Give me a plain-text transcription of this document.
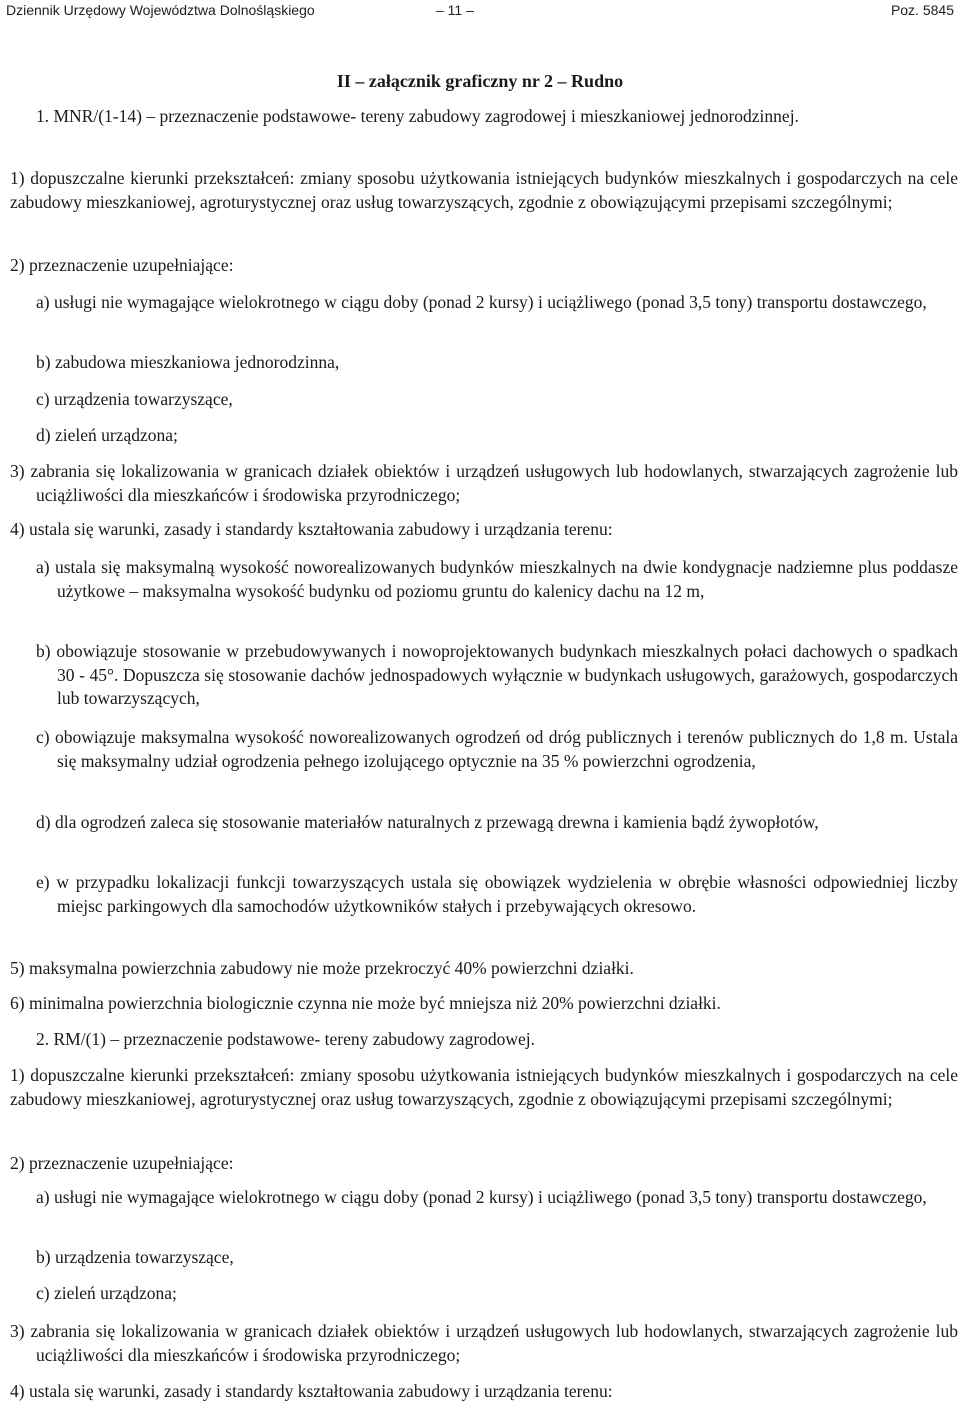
Dziennik Urzędowy Województwa Dolnośląskiego	– 11 –	Poz. 5845
II – załącznik graficzny nr 2 – Rudno

1. MNR/(1-14) – przeznaczenie podstawowe- tereny zabudowy zagrodowej i mieszkaniowej jednorodzinnej.

1) dopuszczalne kierunki przekształceń: zmiany sposobu użytkowania istniejących budynków mieszkalnych i gospodarczych na cele zabudowy mieszkaniowej, agroturystycznej oraz usług towarzyszących, zgodnie z obowiązującymi przepisami szczególnymi;

2) przeznaczenie uzupełniające:

a) usługi nie wymagające wielokrotnego w ciągu doby (ponad 2 kursy) i uciążliwego (ponad 3,5 tony) transportu dostawczego,

b) zabudowa mieszkaniowa jednorodzinna,

c) urządzenia towarzyszące,

d) zieleń urządzona;

3) zabrania się lokalizowania w granicach działek obiektów i urządzeń usługowych lub hodowlanych, stwarzających zagrożenie lub uciążliwości dla mieszkańców i środowiska przyrodniczego;

4) ustala się warunki, zasady i standardy kształtowania zabudowy i urządzania terenu:

a) ustala się maksymalną wysokość noworealizowanych budynków mieszkalnych na dwie kondygnacje nadziemne plus poddasze użytkowe – maksymalna wysokość budynku od poziomu gruntu do kalenicy dachu na 12 m,

b) obowiązuje stosowanie w przebudowywanych i nowoprojektowanych budynkach mieszkalnych połaci dachowych o spadkach 30 - 45°. Dopuszcza się stosowanie dachów jednospadowych wyłącznie w budynkach usługowych, garażowych, gospodarczych lub towarzyszących,

c) obowiązuje maksymalna wysokość noworealizowanych ogrodzeń od dróg publicznych i terenów publicznych do 1,8 m. Ustala się maksymalny udział ogrodzenia pełnego izolującego optycznie na 35 % powierzchni ogrodzenia,

d) dla ogrodzeń zaleca się stosowanie materiałów naturalnych z przewagą drewna i kamienia bądź żywopłotów,

e) w przypadku lokalizacji funkcji towarzyszących ustala się obowiązek wydzielenia w obrębie własności odpowiedniej liczby miejsc parkingowych dla samochodów użytkowników stałych i przebywających okresowo.

5) maksymalna powierzchnia zabudowy nie może przekroczyć 40% powierzchni działki.

6) minimalna powierzchnia biologicznie czynna nie może być mniejsza niż 20% powierzchni działki.

2. RM/(1) – przeznaczenie podstawowe- tereny zabudowy zagrodowej.

1) dopuszczalne kierunki przekształceń: zmiany sposobu użytkowania istniejących budynków mieszkalnych i gospodarczych na cele zabudowy mieszkaniowej, agroturystycznej oraz usług towarzyszących, zgodnie z obowiązującymi przepisami szczególnymi;

2) przeznaczenie uzupełniające:

a) usługi nie wymagające wielokrotnego w ciągu doby (ponad 2 kursy) i uciążliwego (ponad 3,5 tony) transportu dostawczego,

b) urządzenia towarzyszące,

c) zieleń urządzona;

3) zabrania się lokalizowania w granicach działek obiektów i urządzeń usługowych lub hodowlanych, stwarzających zagrożenie lub uciążliwości dla mieszkańców i środowiska przyrodniczego;

4) ustala się warunki, zasady i standardy kształtowania zabudowy i urządzania terenu:
